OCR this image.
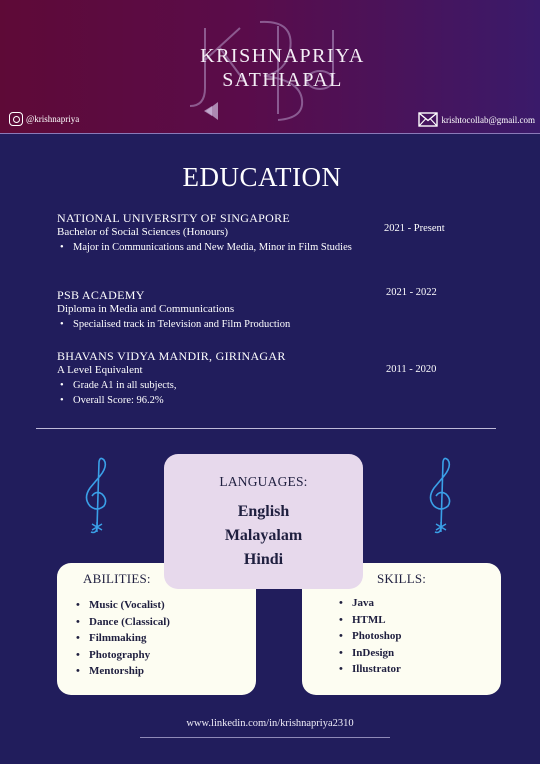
KRISHNAPRIYA
SATHIAPAL
@krishnapriya	krishtocollab@gmail.com
EDUCATION
NATIONAL UNIVERSITY OF SINGAPORE
Bachelor of Social Sciences (Honours)
• Major in Communications and New Media, Minor in Film Studies
2021 - Present
PSB ACADEMY
Diploma in Media and Communications
• Specialised track in Television and Film Production
2021 - 2022
BHAVANS VIDYA MANDIR, GIRINAGAR
A Level Equivalent
• Grade A1 in all subjects,
• Overall Score: 96.2%
2011 - 2020
ABILITIES:
• Music (Vocalist)
• Dance (Classical)
• Filmmaking
• Photography
• Mentorship
SKILLS:
• Java
• HTML
• Photoshop
• InDesign
• Illustrator
LANGUAGES:
English
Malayalam
Hindi
www.linkedin.com/in/krishnapriya2310
